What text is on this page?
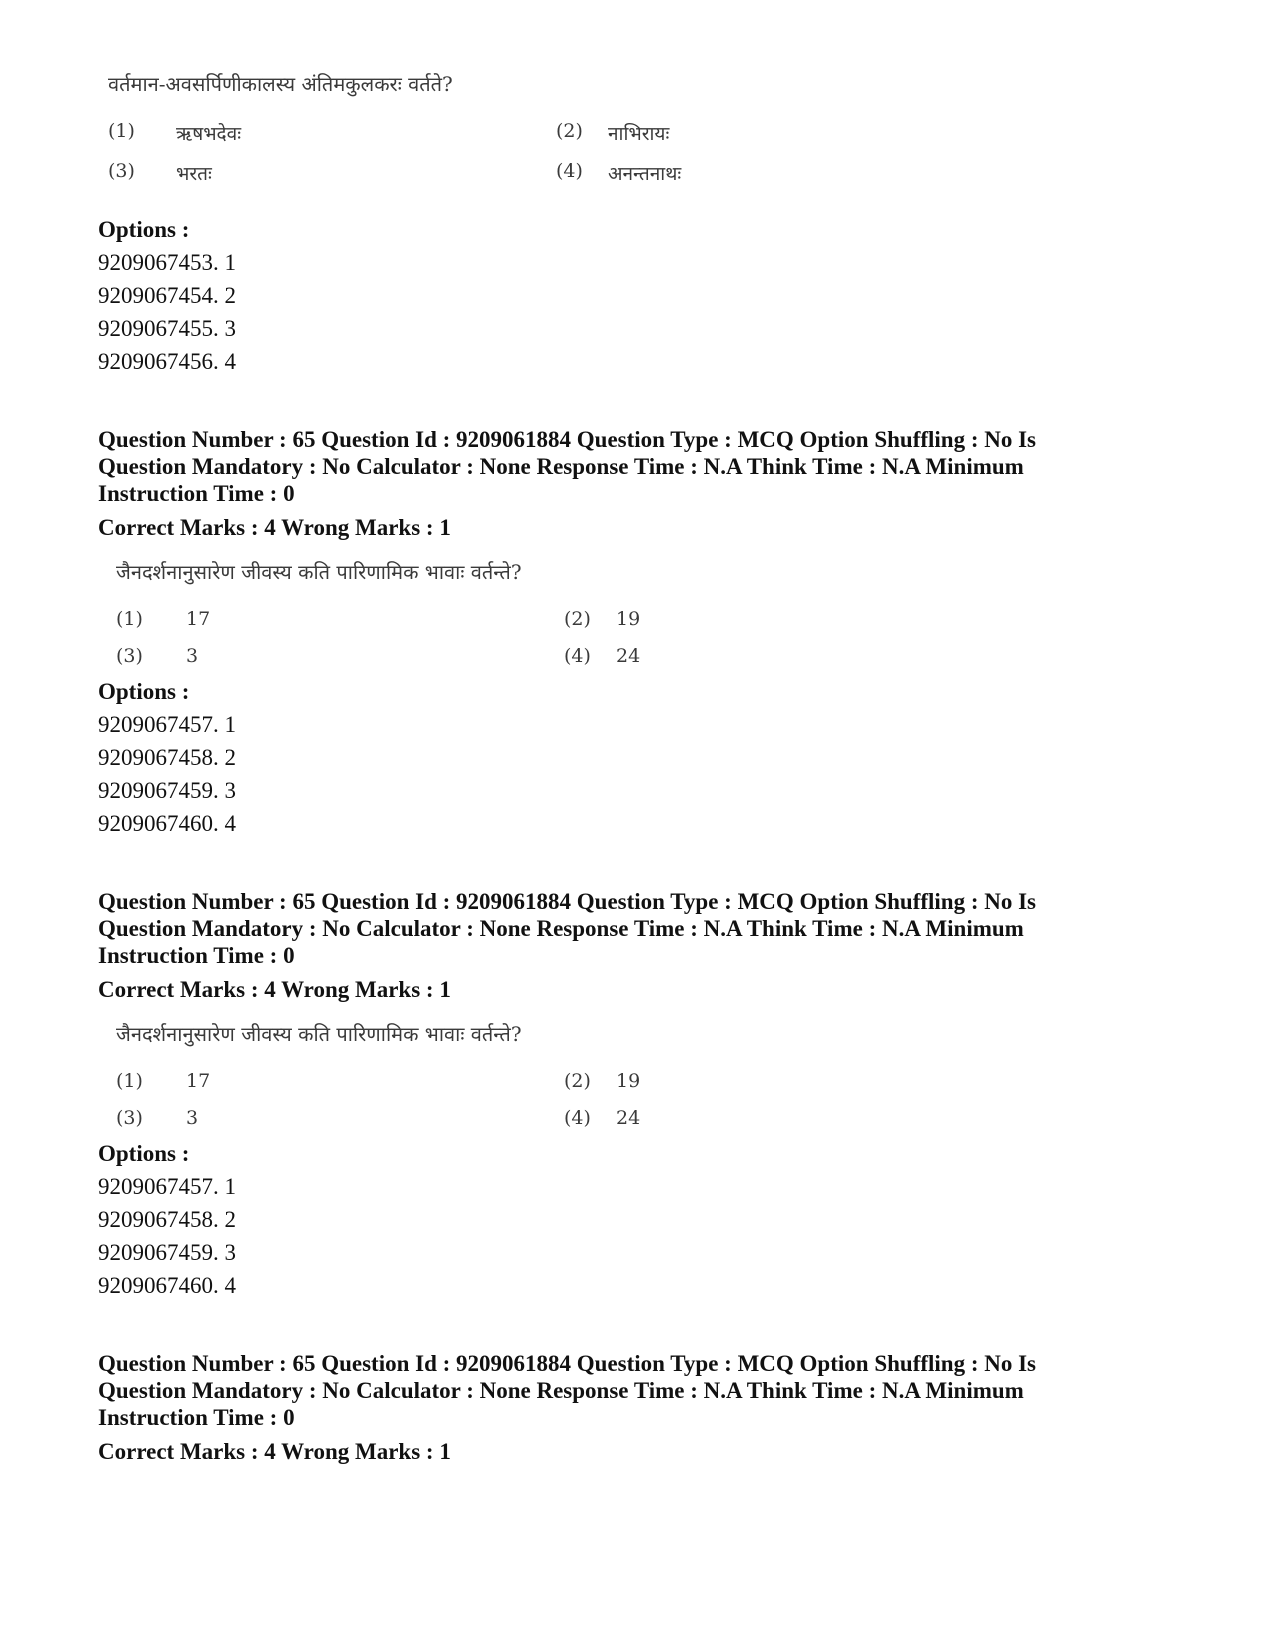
वर्तमान-अवसर्पिणीकालस्य अंतिमकुलकरः वर्तते?
(1) ऋषभदेवः	(2) नाभिरायः
(3) भरतः	(4) अनन्तनाथः
Options :
9209067453. 1
9209067454. 2
9209067455. 3
9209067456. 4
Question Number : 65 Question Id : 9209061884 Question Type : MCQ Option Shuffling : No Is
Question Mandatory : No Calculator : None Response Time : N.A Think Time : N.A Minimum
Instruction Time : 0
Correct Marks : 4 Wrong Marks : 1
जैनदर्शनानुसारेण जीवस्य कति पारिणामिक भावाः वर्तन्ते?
(1) 17	(2) 19
(3) 3	(4) 24
Options :
9209067457. 1
9209067458. 2
9209067459. 3
9209067460. 4
Question Number : 65 Question Id : 9209061884 Question Type : MCQ Option Shuffling : No Is
Question Mandatory : No Calculator : None Response Time : N.A Think Time : N.A Minimum
Instruction Time : 0
Correct Marks : 4 Wrong Marks : 1
जैनदर्शनानुसारेण जीवस्य कति पारिणामिक भावाः वर्तन्ते?
(1) 17	(2) 19
(3) 3	(4) 24
Options :
9209067457. 1
9209067458. 2
9209067459. 3
9209067460. 4
Question Number : 65 Question Id : 9209061884 Question Type : MCQ Option Shuffling : No Is
Question Mandatory : No Calculator : None Response Time : N.A Think Time : N.A Minimum
Instruction Time : 0
Correct Marks : 4 Wrong Marks : 1
